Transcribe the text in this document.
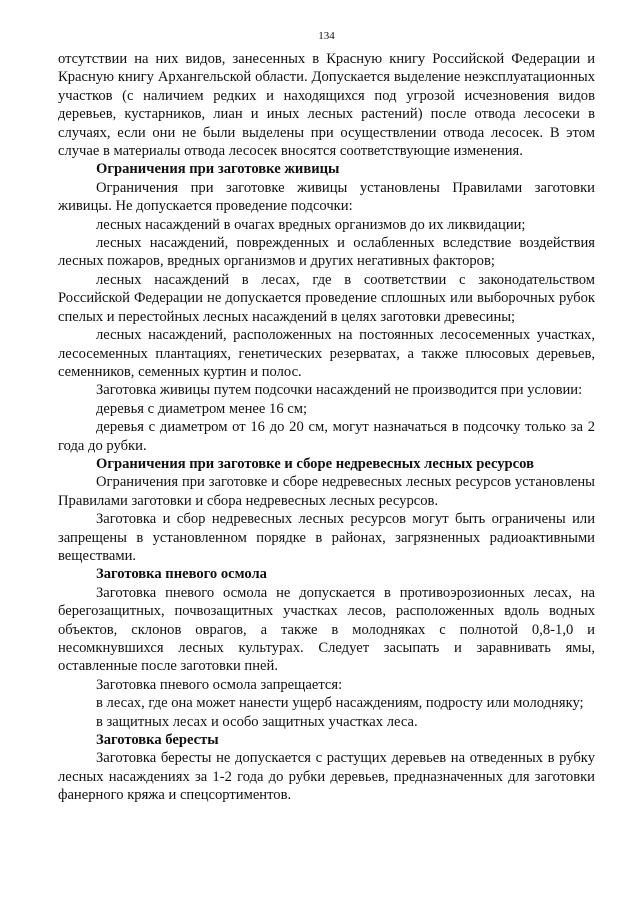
134

отсутствии на них видов, занесенных в Красную книгу Российской Федерации и Красную книгу Архангельской области. Допускается выделение неэксплуатационных участков (с наличием редких и находящихся под угрозой исчезновения видов деревьев, кустарников, лиан и иных лесных растений) после отвода лесосеки в случаях, если они не были выделены при осуществлении отвода лесосек. В этом случае в материалы отвода лесосек вносятся соответствующие изменения.

Ограничения при заготовке живицы

Ограничения при заготовке живицы установлены Правилами заготовки живицы. Не допускается проведение подсочки:

лесных насаждений в очагах вредных организмов до их ликвидации;

лесных насаждений, поврежденных и ослабленных вследствие воздействия лесных пожаров, вредных организмов и других негативных факторов;

лесных насаждений в лесах, где в соответствии с законодательством Российской Федерации не допускается проведение сплошных или выборочных рубок спелых и перестойных лесных насаждений в целях заготовки древесины;

лесных насаждений, расположенных на постоянных лесосеменных участках, лесосеменных плантациях, генетических резерватах, а также плюсовых деревьев, семенников, семенных куртин и полос.

Заготовка живицы путем подсочки насаждений не производится при условии:

деревья с диаметром менее 16 см;

деревья с диаметром от 16 до 20 см, могут назначаться в подсочку только за 2 года до рубки.

Ограничения при заготовке и сборе недревесных лесных ресурсов

Ограничения при заготовке и сборе недревесных лесных ресурсов установлены Правилами заготовки и сбора недревесных лесных ресурсов.

Заготовка и сбор недревесных лесных ресурсов могут быть ограничены или запрещены в установленном порядке в районах, загрязненных радиоактивными веществами.

Заготовка пневого осмола

Заготовка пневого осмола не допускается в противоэрозионных лесах, на берегозащитных, почвозащитных участках лесов, расположенных вдоль водных объектов, склонов оврагов, а также в молодняках с полнотой 0,8-1,0 и несомкнувшихся лесных культурах. Следует засыпать и заравнивать ямы, оставленные после заготовки пней.

Заготовка пневого осмола запрещается:

в лесах, где она может нанести ущерб насаждениям, подросту или молодняку;

в защитных лесах и особо защитных участках леса.

Заготовка бересты

Заготовка бересты не допускается с растущих деревьев на отведенных в рубку лесных насаждениях за 1-2 года до рубки деревьев, предназначенных для заготовки фанерного кряжа и спецсортиментов.
